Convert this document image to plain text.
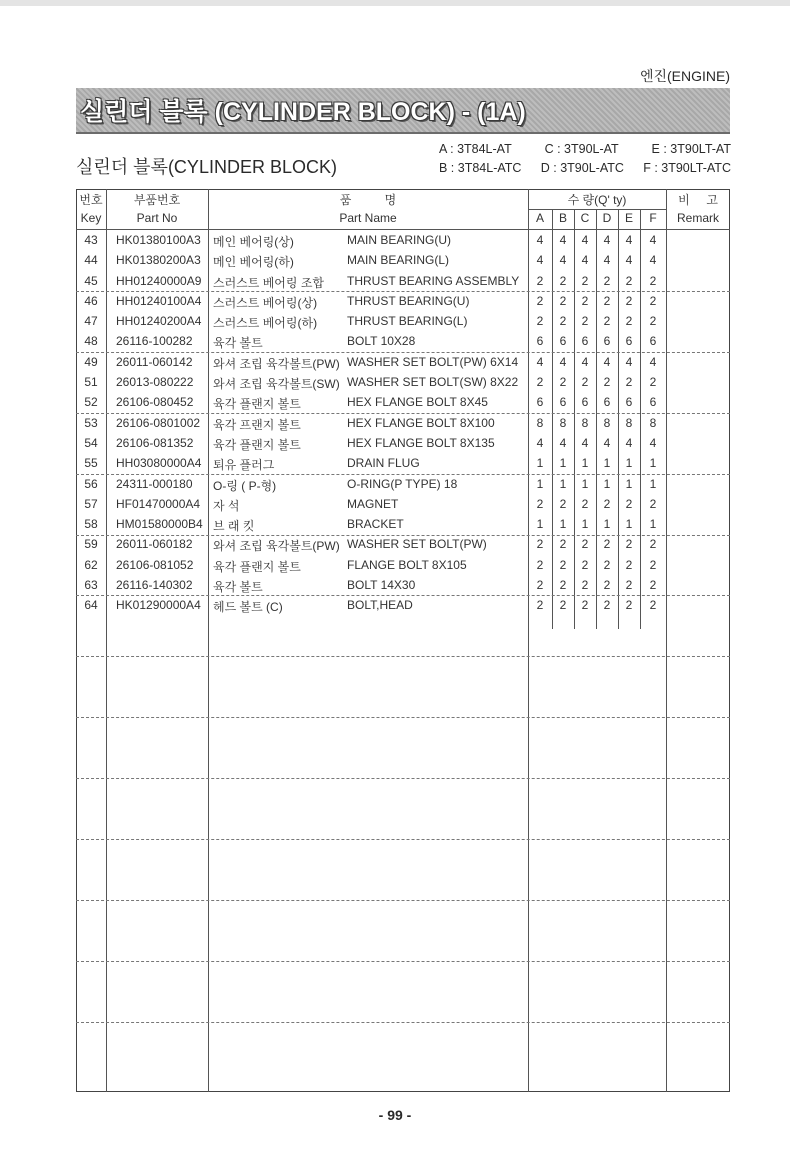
엔진(ENGINE)
실린더 블록 (CYLINDER BLOCK) - (1A)
실린더 블록(CYLINDER BLOCK)
A : 3T84L-AT	C : 3T90L-AT	E : 3T90LT-AT
B : 3T84L-ATC D : 3T90L-ATC F : 3T90LT-ATC
번호
Key
부품번호
Part No
품          명
Part Name
수 량(Q' ty)
A	B	C	D	E	F
비     고
Remark
43	HK01380100A3 메인 베어링(상)	MAIN BEARING(U)	4	4	4	4	4	4
44	HK01380200A3 메인 베어링(하)	MAIN BEARING(L)	4	4	4	4	4	4
45	HH01240000A9 스러스트 베어링 조합 THRUST BEARING ASSEMBLY	2	2	2	2	2	2
46	HH01240100A4 스러스트 베어링(상) THRUST BEARING(U)	2	2	2	2	2	2
47	HH01240200A4 스러스트 베어링(하) THRUST BEARING(L)	2	2	2	2	2	2
48	26116-100282 육각 볼트	BOLT 10X28	6	6	6	6	6	6
49	26011-060142 와셔 조립 육각볼트(PW) WASHER SET BOLT(PW) 6X14	4	4	4	4	4	4
51	26013-080222 와셔 조립 육각볼트(SW) WASHER SET BOLT(SW) 8X22	2	2	2	2	2	2
52	26106-080452 육각 플랜지 볼트	HEX FLANGE BOLT 8X45	6	6	6	6	6	6
53	26106-0801002 육각 프랜지 볼트	HEX FLANGE BOLT 8X100	8	8	8	8	8	8
54	26106-081352 육각 플랜지 볼트	HEX FLANGE BOLT 8X135	4	4	4	4	4	4
55	HH03080000A4 퇴유 플러그	DRAIN FLUG	1	1	1	1	1	1
56	24311-000180 O-링 ( P-형)	O-RING(P TYPE) 18	1	1	1	1	1	1
57	HF01470000A4 자 석	MAGNET	2	2	2	2	2	2
58	HM01580000B4 브 래 킷	BRACKET	1	1	1	1	1	1
59	26011-060182 와셔 조립 육각볼트(PW) WASHER SET BOLT(PW)	2	2	2	2	2	2
62	26106-081052 육각 플랜지 볼트	FLANGE BOLT 8X105	2	2	2	2	2	2
63	26116-140302 육각 볼트	BOLT 14X30	2	2	2	2	2	2
64	HK01290000A4 헤드 볼트 (C)	BOLT,HEAD	2	2	2	2	2	2
- 99 -
